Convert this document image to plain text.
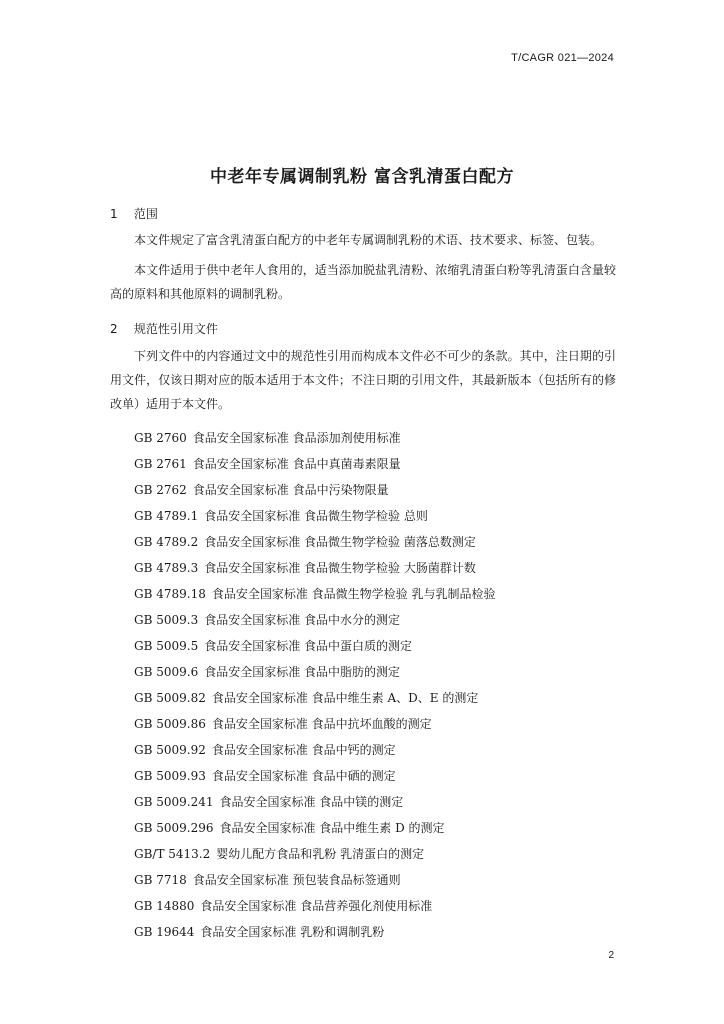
T/CAGR 021—2024
中老年专属调制乳粉 富含乳清蛋白配方
1 范围
本文件规定了富含乳清蛋白配方的中老年专属调制乳粉的术语、技术要求、标签、包装。
本文件适用于供中老年人食用的，适当添加脱盐乳清粉、浓缩乳清蛋白粉等乳清蛋白含量较高的原料和其他原料的调制乳粉。
2 规范性引用文件
下列文件中的内容通过文中的规范性引用而构成本文件必不可少的条款。其中，注日期的引用文件，仅该日期对应的版本适用于本文件；不注日期的引用文件，其最新版本（包括所有的修改单）适用于本文件。
GB 2760 食品安全国家标准 食品添加剂使用标准
GB 2761 食品安全国家标准 食品中真菌毒素限量
GB 2762 食品安全国家标准 食品中污染物限量
GB 4789.1 食品安全国家标准 食品微生物学检验 总则
GB 4789.2 食品安全国家标准 食品微生物学检验 菌落总数测定
GB 4789.3 食品安全国家标准 食品微生物学检验 大肠菌群计数
GB 4789.18 食品安全国家标准 食品微生物学检验 乳与乳制品检验
GB 5009.3 食品安全国家标准 食品中水分的测定
GB 5009.5 食品安全国家标准 食品中蛋白质的测定
GB 5009.6 食品安全国家标准 食品中脂肪的测定
GB 5009.82 食品安全国家标准 食品中维生素 A、D、E 的测定
GB 5009.86 食品安全国家标准 食品中抗坏血酸的测定
GB 5009.92 食品安全国家标准 食品中钙的测定
GB 5009.93 食品安全国家标准 食品中硒的测定
GB 5009.241 食品安全国家标准 食品中镁的测定
GB 5009.296 食品安全国家标准 食品中维生素 D 的测定
GB/T 5413.2 婴幼儿配方食品和乳粉 乳清蛋白的测定
GB 7718 食品安全国家标准 预包装食品标签通则
GB 14880 食品安全国家标准 食品营养强化剂使用标准
GB 19644 食品安全国家标准 乳粉和调制乳粉
2
